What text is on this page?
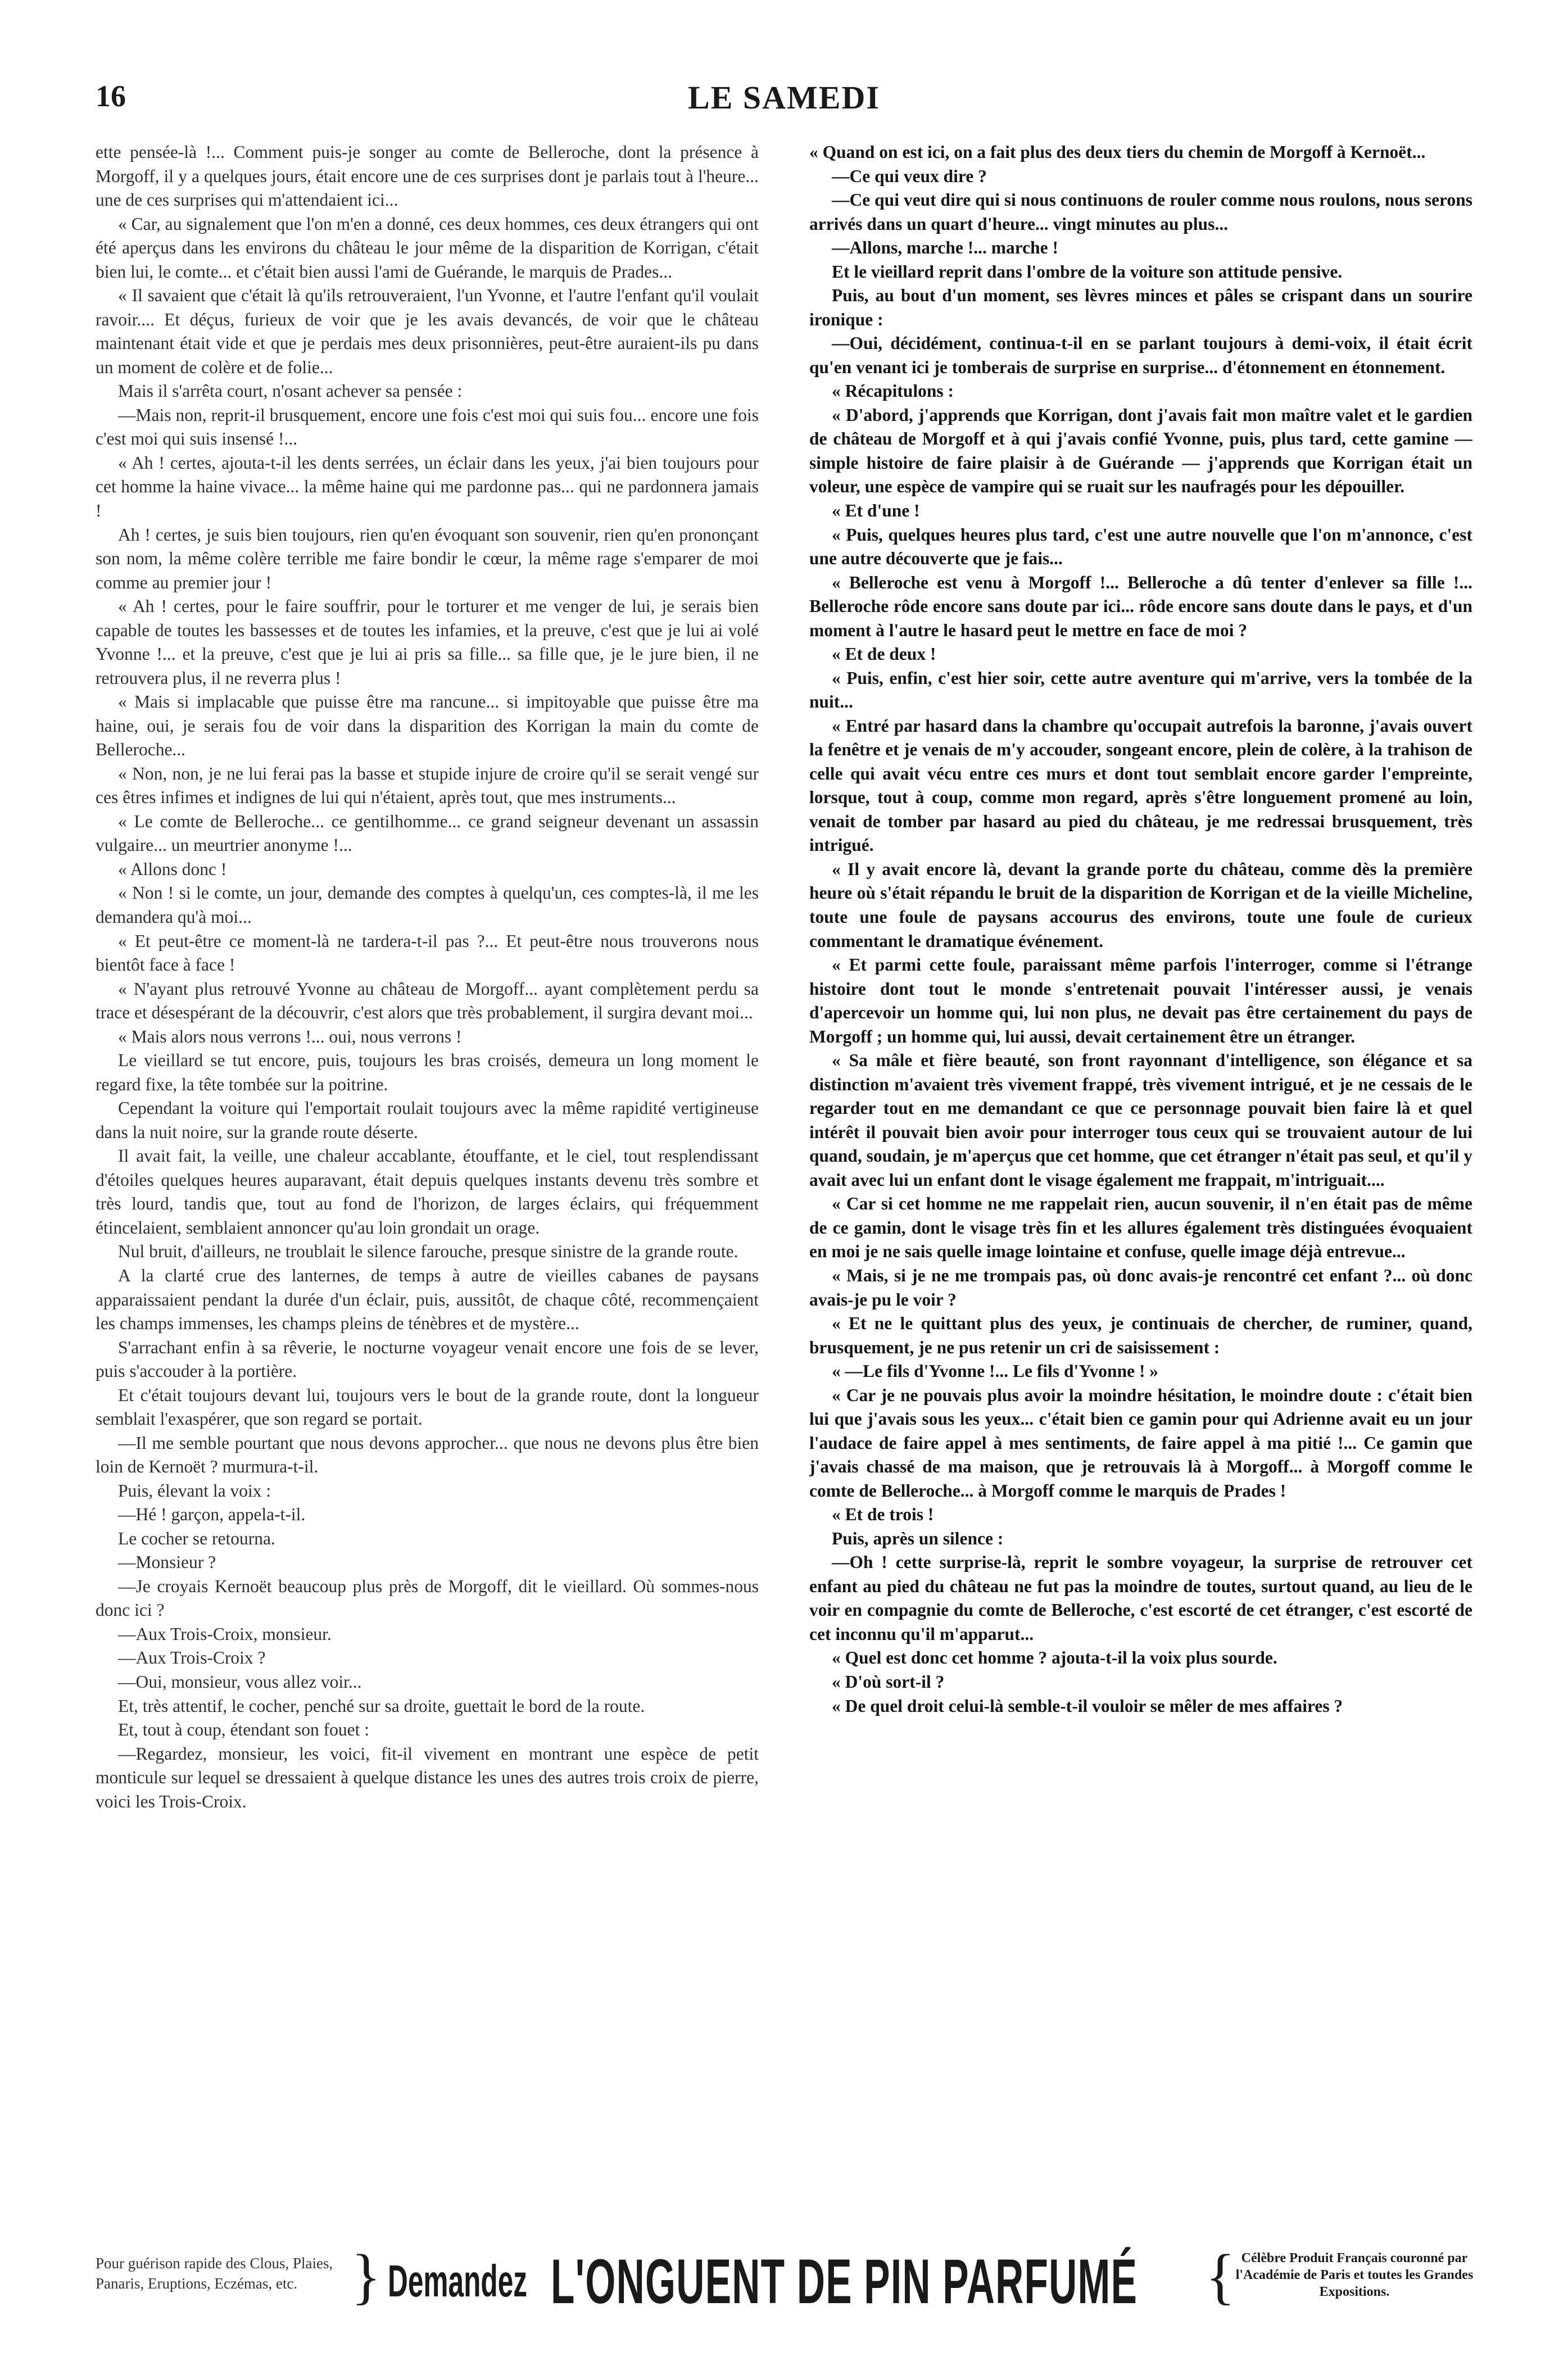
16	LE SAMEDI

ette pensée-là !... Comment puis-je songer au comte de Belleroche, dont la présence à Morgoff, il y a quelques jours, était encore une de ces surprises dont je parlais tout à l'heure... une de ces surprises qui m'attendaient ici...

« Car, au signalement que l'on m'en a donné, ces deux hommes, ces deux étrangers qui ont été aperçus dans les environs du château le jour même de la disparition de Korrigan, c'était bien lui, le comte... et c'était bien aussi l'ami de Guérande, le marquis de Prades...

« Il savaient que c'était là qu'ils retrouveraient, l'un Yvonne, et l'autre l'enfant qu'il voulait ravoir.... Et déçus, furieux de voir que je les avais devancés, de voir que le château maintenant était vide et que je perdais mes deux prisonnières, peut-être auraient-ils pu dans un moment de colère et de folie...

Mais il s'arrêta court, n'osant achever sa pensée :

—Mais non, reprit-il brusquement, encore une fois c'est moi qui suis fou... encore une fois c'est moi qui suis insensé !...

« Ah ! certes, ajouta-t-il les dents serrées, un éclair dans les yeux, j'ai bien toujours pour cet homme la haine vivace... la même haine qui me pardonne pas... qui ne pardonnera jamais !

Ah ! certes, je suis bien toujours, rien qu'en évoquant son souvenir, rien qu'en prononçant son nom, la même colère terrible me faire bondir le cœur, la même rage s'emparer de moi comme au premier jour !

« Ah ! certes, pour le faire souffrir, pour le torturer et me venger de lui, je serais bien capable de toutes les bassesses et de toutes les infamies, et la preuve, c'est que je lui ai volé Yvonne !... et la preuve, c'est que je lui ai pris sa fille... sa fille que, je le jure bien, il ne retrouvera plus, il ne reverra plus !

« Mais si implacable que puisse être ma rancune... si impitoyable que puisse être ma haine, oui, je serais fou de voir dans la disparition des Korrigan la main du comte de Belleroche...

« Non, non, je ne lui ferai pas la basse et stupide injure de croire qu'il se serait vengé sur ces êtres infimes et indignes de lui qui n'étaient, après tout, que mes instruments...

« Le comte de Belleroche... ce gentilhomme... ce grand seigneur devenant un assassin vulgaire... un meurtrier anonyme !...

« Allons donc !

« Non ! si le comte, un jour, demande des comptes à quelqu'un, ces comptes-là, il me les demandera qu'à moi...

« Et peut-être ce moment-là ne tardera-t-il pas ?... Et peut-être nous trouverons nous bientôt face à face !

« N'ayant plus retrouvé Yvonne au château de Morgoff... ayant complètement perdu sa trace et désespérant de la découvrir, c'est alors que très probablement, il surgira devant moi...

« Mais alors nous verrons !... oui, nous verrons !

Le vieillard se tut encore, puis, toujours les bras croisés, demeura un long moment le regard fixe, la tête tombée sur la poitrine.

Cependant la voiture qui l'emportait roulait toujours avec la même rapidité vertigineuse dans la nuit noire, sur la grande route déserte.

Il avait fait, la veille, une chaleur accablante, étouffante, et le ciel, tout resplendissant d'étoiles quelques heures auparavant, était depuis quelques instants devenu très sombre et très lourd, tandis que, tout au fond de l'horizon, de larges éclairs, qui fréquemment étincelaient, semblaient annoncer qu'au loin grondait un orage.

Nul bruit, d'ailleurs, ne troublait le silence farouche, presque sinistre de la grande route.

A la clarté crue des lanternes, de temps à autre de vieilles cabanes de paysans apparaissaient pendant la durée d'un éclair, puis, aussitôt, de chaque côté, recommençaient les champs immenses, les champs pleins de ténèbres et de mystère...

S'arrachant enfin à sa rêverie, le nocturne voyageur venait encore une fois de se lever, puis s'accouder à la portière.

Et c'était toujours devant lui, toujours vers le bout de la grande route, dont la longueur semblait l'exaspérer, que son regard se portait.

—Il me semble pourtant que nous devons approcher... que nous ne devons plus être bien loin de Kernoët ? murmura-t-il.

Puis, élevant la voix :

—Hé ! garçon, appela-t-il.

Le cocher se retourna.

—Monsieur ?

—Je croyais Kernoët beaucoup plus près de Morgoff, dit le vieillard. Où sommes-nous donc ici ?

—Aux Trois-Croix, monsieur.

—Aux Trois-Croix ?

—Oui, monsieur, vous allez voir...

Et, très attentif, le cocher, penché sur sa droite, guettait le bord de la route.

Et, tout à coup, étendant son fouet :

—Regardez, monsieur, les voici, fit-il vivement en montrant une espèce de petit monticule sur lequel se dressaient à quelque distance les unes des autres trois croix de pierre, voici les Trois-Croix.

« Quand on est ici, on a fait plus des deux tiers du chemin de Morgoff à Kernoët...

—Ce qui veux dire ?

—Ce qui veut dire qui si nous continuons de rouler comme nous roulons, nous serons arrivés dans un quart d'heure... vingt minutes au plus...

—Allons, marche !... marche !

Et le vieillard reprit dans l'ombre de la voiture son attitude pensive.

Puis, au bout d'un moment, ses lèvres minces et pâles se crispant dans un sourire ironique :

—Oui, décidément, continua-t-il en se parlant toujours à demi-voix, il était écrit qu'en venant ici je tomberais de surprise en surprise... d'étonnement en étonnement.

« Récapitulons :

« D'abord, j'apprends que Korrigan, dont j'avais fait mon maître valet et le gardien de château de Morgoff et à qui j'avais confié Yvonne, puis, plus tard, cette gamine — simple histoire de faire plaisir à de Guérande — j'apprends que Korrigan était un voleur, une espèce de vampire qui se ruait sur les naufragés pour les dépouiller.

« Et d'une !

« Puis, quelques heures plus tard, c'est une autre nouvelle que l'on m'annonce, c'est une autre découverte que je fais...

« Belleroche est venu à Morgoff !... Belleroche a dû tenter d'enlever sa fille !... Belleroche rôde encore sans doute par ici... rôde encore sans doute dans le pays, et d'un moment à l'autre le hasard peut le mettre en face de moi ?

« Et de deux !

« Puis, enfin, c'est hier soir, cette autre aventure qui m'arrive, vers la tombée de la nuit...

« Entré par hasard dans la chambre qu'occupait autrefois la baronne, j'avais ouvert la fenêtre et je venais de m'y accouder, songeant encore, plein de colère, à la trahison de celle qui avait vécu entre ces murs et dont tout semblait encore garder l'empreinte, lorsque, tout à coup, comme mon regard, après s'être longuement promené au loin, venait de tomber par hasard au pied du château, je me redressai brusquement, très intrigué.

« Il y avait encore là, devant la grande porte du château, comme dès la première heure où s'était répandu le bruit de la disparition de Korrigan et de la vieille Micheline, toute une foule de paysans accourus des environs, toute une foule de curieux commentant le dramatique événement.

« Et parmi cette foule, paraissant même parfois l'interroger, comme si l'étrange histoire dont tout le monde s'entretenait pouvait l'intéresser aussi, je venais d'apercevoir un homme qui, lui non plus, ne devait pas être certainement du pays de Morgoff ; un homme qui, lui aussi, devait certainement être un étranger.

« Sa mâle et fière beauté, son front rayonnant d'intelligence, son élégance et sa distinction m'avaient très vivement frappé, très vivement intrigué, et je ne cessais de le regarder tout en me demandant ce que ce personnage pouvait bien faire là et quel intérêt il pouvait bien avoir pour interroger tous ceux qui se trouvaient autour de lui quand, soudain, je m'aperçus que cet homme, que cet étranger n'était pas seul, et qu'il y avait avec lui un enfant dont le visage également me frappait, m'intriguait....

« Car si cet homme ne me rappelait rien, aucun souvenir, il n'en était pas de même de ce gamin, dont le visage très fin et les allures également très distinguées évoquaient en moi je ne sais quelle image lointaine et confuse, quelle image déjà entrevue...

« Mais, si je ne me trompais pas, où donc avais-je rencontré cet enfant ?... où donc avais-je pu le voir ?

« Et ne le quittant plus des yeux, je continuais de chercher, de ruminer, quand, brusquement, je ne pus retenir un cri de saisissement :

« —Le fils d'Yvonne !... Le fils d'Yvonne ! »

« Car je ne pouvais plus avoir la moindre hésitation, le moindre doute : c'était bien lui que j'avais sous les yeux... c'était bien ce gamin pour qui Adrienne avait eu un jour l'audace de faire appel à mes sentiments, de faire appel à ma pitié !... Ce gamin que j'avais chassé de ma maison, que je retrouvais là à Morgoff... à Morgoff comme le comte de Belleroche... à Morgoff comme le marquis de Prades !

« Et de trois !

Puis, après un silence :

—Oh ! cette surprise-là, reprit le sombre voyageur, la surprise de retrouver cet enfant au pied du château ne fut pas la moindre de toutes, surtout quand, au lieu de le voir en compagnie du comte de Belleroche, c'est escorté de cet étranger, c'est escorté de cet inconnu qu'il m'apparut...

« Quel est donc cet homme ? ajouta-t-il la voix plus sourde.

« D'où sort-il ?

« De quel droit celui-là semble-t-il vouloir se mêler de mes affaires ?

Pour guérison rapide des Clous, Plaies, Panaris, Eruptions, Eczémas, etc. } Demandez L'ONGUENT DE PIN PARFUMÉ { Célèbre Produit Français couronné par l'Académie de Paris et toutes les Grandes Expositions.
